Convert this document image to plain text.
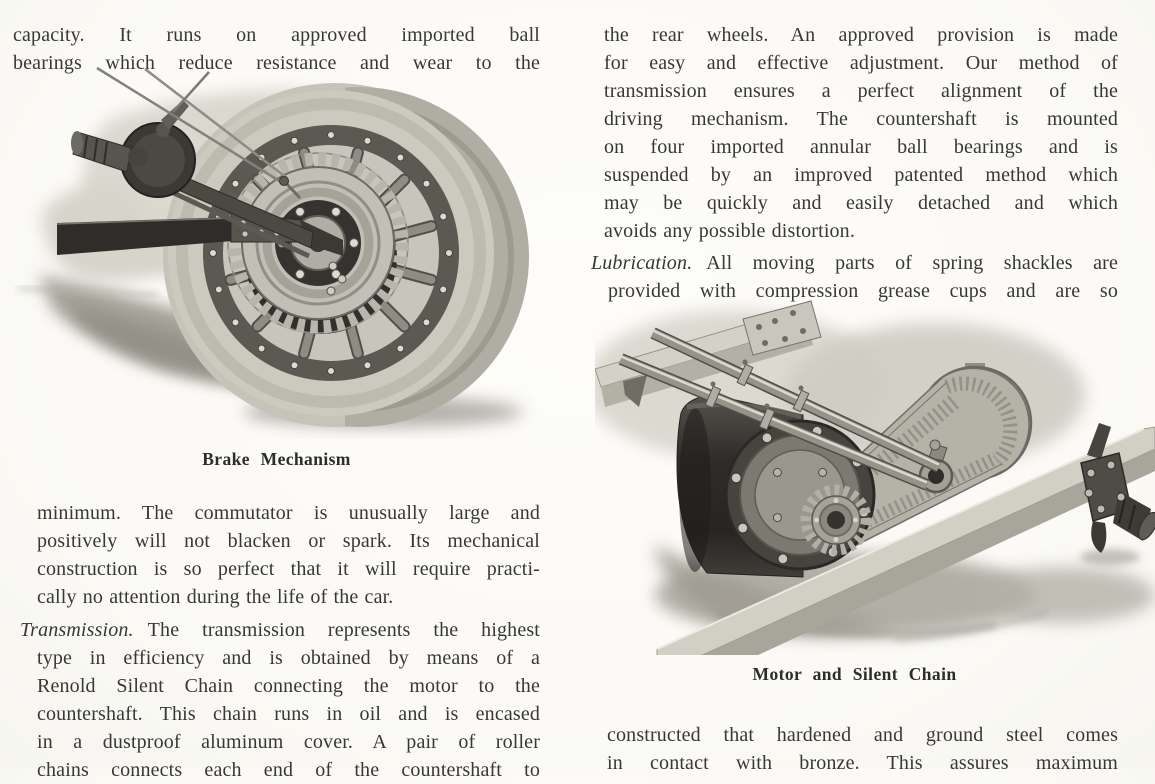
capacity. It runs on approved imported ball
bearings which reduce resistance and wear to the

Brake Mechanism

minimum. The commutator is unusually large and
positively will not blacken or spark. Its mechanical
construction is so perfect that it will require practi-
cally no attention during the life of the car.

Transmission. The transmission represents the highest
type in efficiency and is obtained by means of a
Renold Silent Chain connecting the motor to the
countershaft. This chain runs in oil and is encased
in a dustproof aluminum cover. A pair of roller
chains connects each end of the countershaft to

the rear wheels. An approved provision is made
for easy and effective adjustment. Our method of
transmission ensures a perfect alignment of the
driving mechanism. The countershaft is mounted
on four imported annular ball bearings and is
suspended by an improved patented method which
may be quickly and easily detached and which
avoids any possible distortion.

Lubrication. All moving parts of spring shackles are
provided with compression grease cups and are so

Motor and Silent Chain

constructed that hardened and ground steel comes
in contact with bronze. This assures maximum
